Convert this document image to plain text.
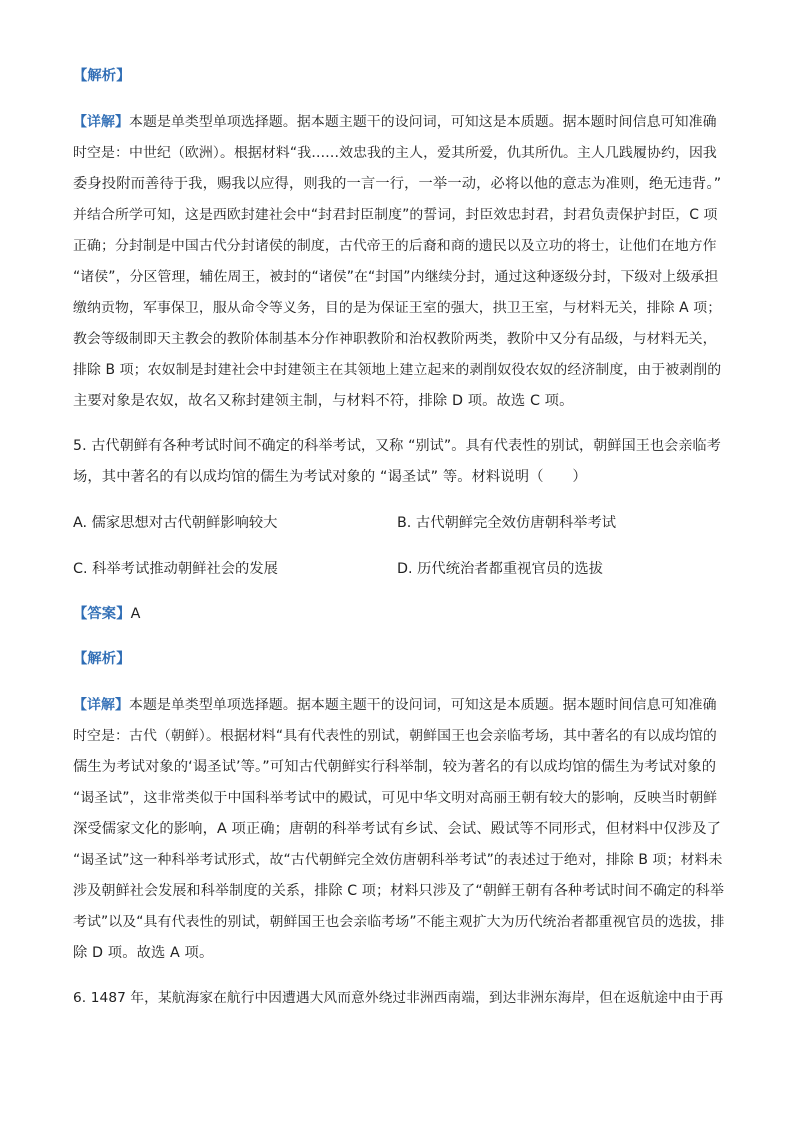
【解析】
【详解】本题是单类型单项选择题。据本题主题干的设问词，可知这是本质题。据本题时间信息可知准确
时空是：中世纪（欧洲）。根据材料“我……效忠我的主人，爱其所爱，仇其所仇。主人几践履协约，因我
委身投附而善待于我，赐我以应得，则我的一言一行，一举一动，必将以他的意志为准则，绝无违背。”
并结合所学可知，这是西欧封建社会中“封君封臣制度”的誓词，封臣效忠封君，封君负责保护封臣，C 项
正确；分封制是中国古代分封诸侯的制度，古代帝王的后裔和商的遗民以及立功的将士，让他们在地方作
“诸侯”，分区管理，辅佐周王，被封的“诸侯”在“封国”内继续分封，通过这种逐级分封，下级对上级承担
缴纳贡物，军事保卫，服从命令等义务，目的是为保证王室的强大，拱卫王室，与材料无关，排除 A 项；
教会等级制即天主教会的教阶体制基本分作神职教阶和治权教阶两类，教阶中又分有品级，与材料无关，
排除 B 项；农奴制是封建社会中封建领主在其领地上建立起来的剥削奴役农奴的经济制度，由于被剥削的
主要对象是农奴，故名又称封建领主制，与材料不符，排除 D 项。故选 C 项。
5. 古代朝鲜有各种考试时间不确定的科举考试，又称 “别试”。具有代表性的别试，朝鲜国王也会亲临考
场，其中著名的有以成均馆的儒生为考试对象的 “谒圣试” 等。材料说明（　　）
A. 儒家思想对古代朝鲜影响较大	B. 古代朝鲜完全效仿唐朝科举考试
C. 科举考试推动朝鲜社会的发展	D. 历代统治者都重视官员的选拔
【答案】A
【解析】
【详解】本题是单类型单项选择题。据本题主题干的设问词，可知这是本质题。据本题时间信息可知准确
时空是：古代（朝鲜）。根据材料“具有代表性的别试，朝鲜国王也会亲临考场，其中著名的有以成均馆的
儒生为考试对象的‘谒圣试’等。”可知古代朝鲜实行科举制，较为著名的有以成均馆的儒生为考试对象的
“谒圣试”，这非常类似于中国科举考试中的殿试，可见中华文明对高丽王朝有较大的影响，反映当时朝鲜
深受儒家文化的影响，A 项正确；唐朝的科举考试有乡试、会试、殿试等不同形式，但材料中仅涉及了
“谒圣试”这一种科举考试形式，故“古代朝鲜完全效仿唐朝科举考试”的表述过于绝对，排除 B 项；材料未
涉及朝鲜社会发展和科举制度的关系，排除 C 项；材料只涉及了“朝鲜王朝有各种考试时间不确定的科举
考试”以及“具有代表性的别试，朝鲜国王也会亲临考场”不能主观扩大为历代统治者都重视官员的选拔，排
除 D 项。故选 A 项。
6. 1487 年，某航海家在航行中因遭遇大风而意外绕过非洲西南端，到达非洲东海岸，但在返航途中由于再
